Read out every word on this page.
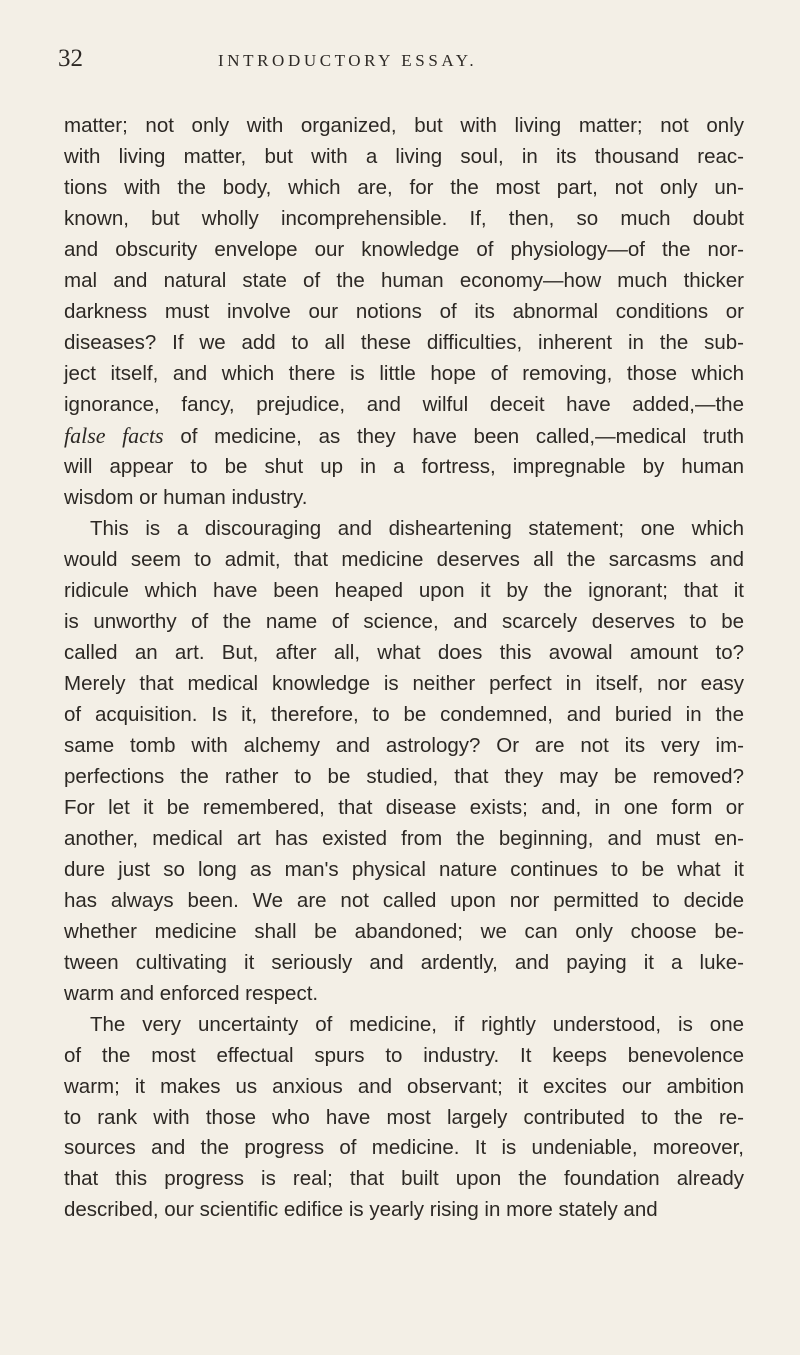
32	INTRODUCTORY ESSAY.
matter; not only with organized, but with living matter; not only
with living matter, but with a living soul, in its thousand reac-
tions with the body, which are, for the most part, not only un-
known, but wholly incomprehensible. If, then, so much doubt
and obscurity envelope our knowledge of physiology—of the nor-
mal and natural state of the human economy—how much thicker
darkness must involve our notions of its abnormal conditions or
diseases? If we add to all these difficulties, inherent in the sub-
ject itself, and which there is little hope of removing, those which
ignorance, fancy, prejudice, and wilful deceit have added,—the
false facts of medicine, as they have been called,—medical truth
will appear to be shut up in a fortress, impregnable by human
wisdom or human industry.
This is a discouraging and disheartening statement; one which
would seem to admit, that medicine deserves all the sarcasms and
ridicule which have been heaped upon it by the ignorant; that it
is unworthy of the name of science, and scarcely deserves to be
called an art. But, after all, what does this avowal amount to?
Merely that medical knowledge is neither perfect in itself, nor easy
of acquisition. Is it, therefore, to be condemned, and buried in the
same tomb with alchemy and astrology? Or are not its very im-
perfections the rather to be studied, that they may be removed?
For let it be remembered, that disease exists; and, in one form or
another, medical art has existed from the beginning, and must en-
dure just so long as man's physical nature continues to be what it
has always been. We are not called upon nor permitted to decide
whether medicine shall be abandoned; we can only choose be-
tween cultivating it seriously and ardently, and paying it a luke-
warm and enforced respect.
The very uncertainty of medicine, if rightly understood, is one
of the most effectual spurs to industry. It keeps benevolence
warm; it makes us anxious and observant; it excites our ambition
to rank with those who have most largely contributed to the re-
sources and the progress of medicine. It is undeniable, moreover,
that this progress is real; that built upon the foundation already
described, our scientific edifice is yearly rising in more stately and
